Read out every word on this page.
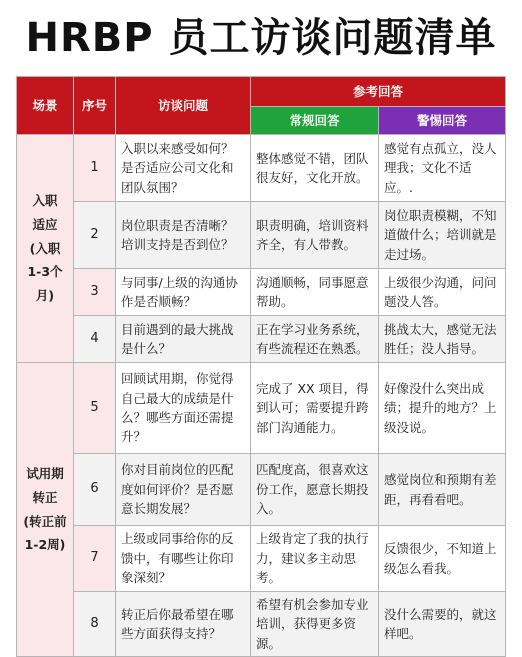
HRBP 员工访谈问题清单
场景	序号	访谈问题	参考回答	
			常规回答	警惕回答
入职
适应
(入职
1-3个
月)	1	入职以来感受如何？是否适应公司文化和团队氛围？	整体感觉不错，团队很友好，文化开放。	感觉有点孤立，没人理我；文化不适应。.
	2	岗位职责是否清晰？培训支持是否到位？	职责明确，培训资料齐全，有人带教。	岗位职责模糊，不知道做什么；培训就是走过场。
	3	与同事/上级的沟通协作是否顺畅？	沟通顺畅，同事愿意帮助。	上级很少沟通，问问题没人答。
	4	目前遇到的最大挑战是什么？	正在学习业务系统，有些流程还在熟悉。	挑战太大，感觉无法胜任；没人指导。
试用期
转正
(转正前
1-2周)	5	回顾试用期，你觉得自己最大的成绩是什么？哪些方面还需提升？	完成了 XX 项目，得到认可；需要提升跨部门沟通能力。	好像没什么突出成绩；提升的地方？上级没说。
	6	你对目前岗位的匹配度如何评价？是否愿意长期发展？	匹配度高，很喜欢这份工作，愿意长期投入。	感觉岗位和预期有差距，再看看吧。
	7	上级或同事给你的反馈中，有哪些让你印象深刻？	上级肯定了我的执行力，建议多主动思考。	反馈很少，不知道上级怎么看我。
	8	转正后你最希望在哪些方面获得支持？	希望有机会参加专业培训，获得更多资源。	没什么需要的，就这样吧。
